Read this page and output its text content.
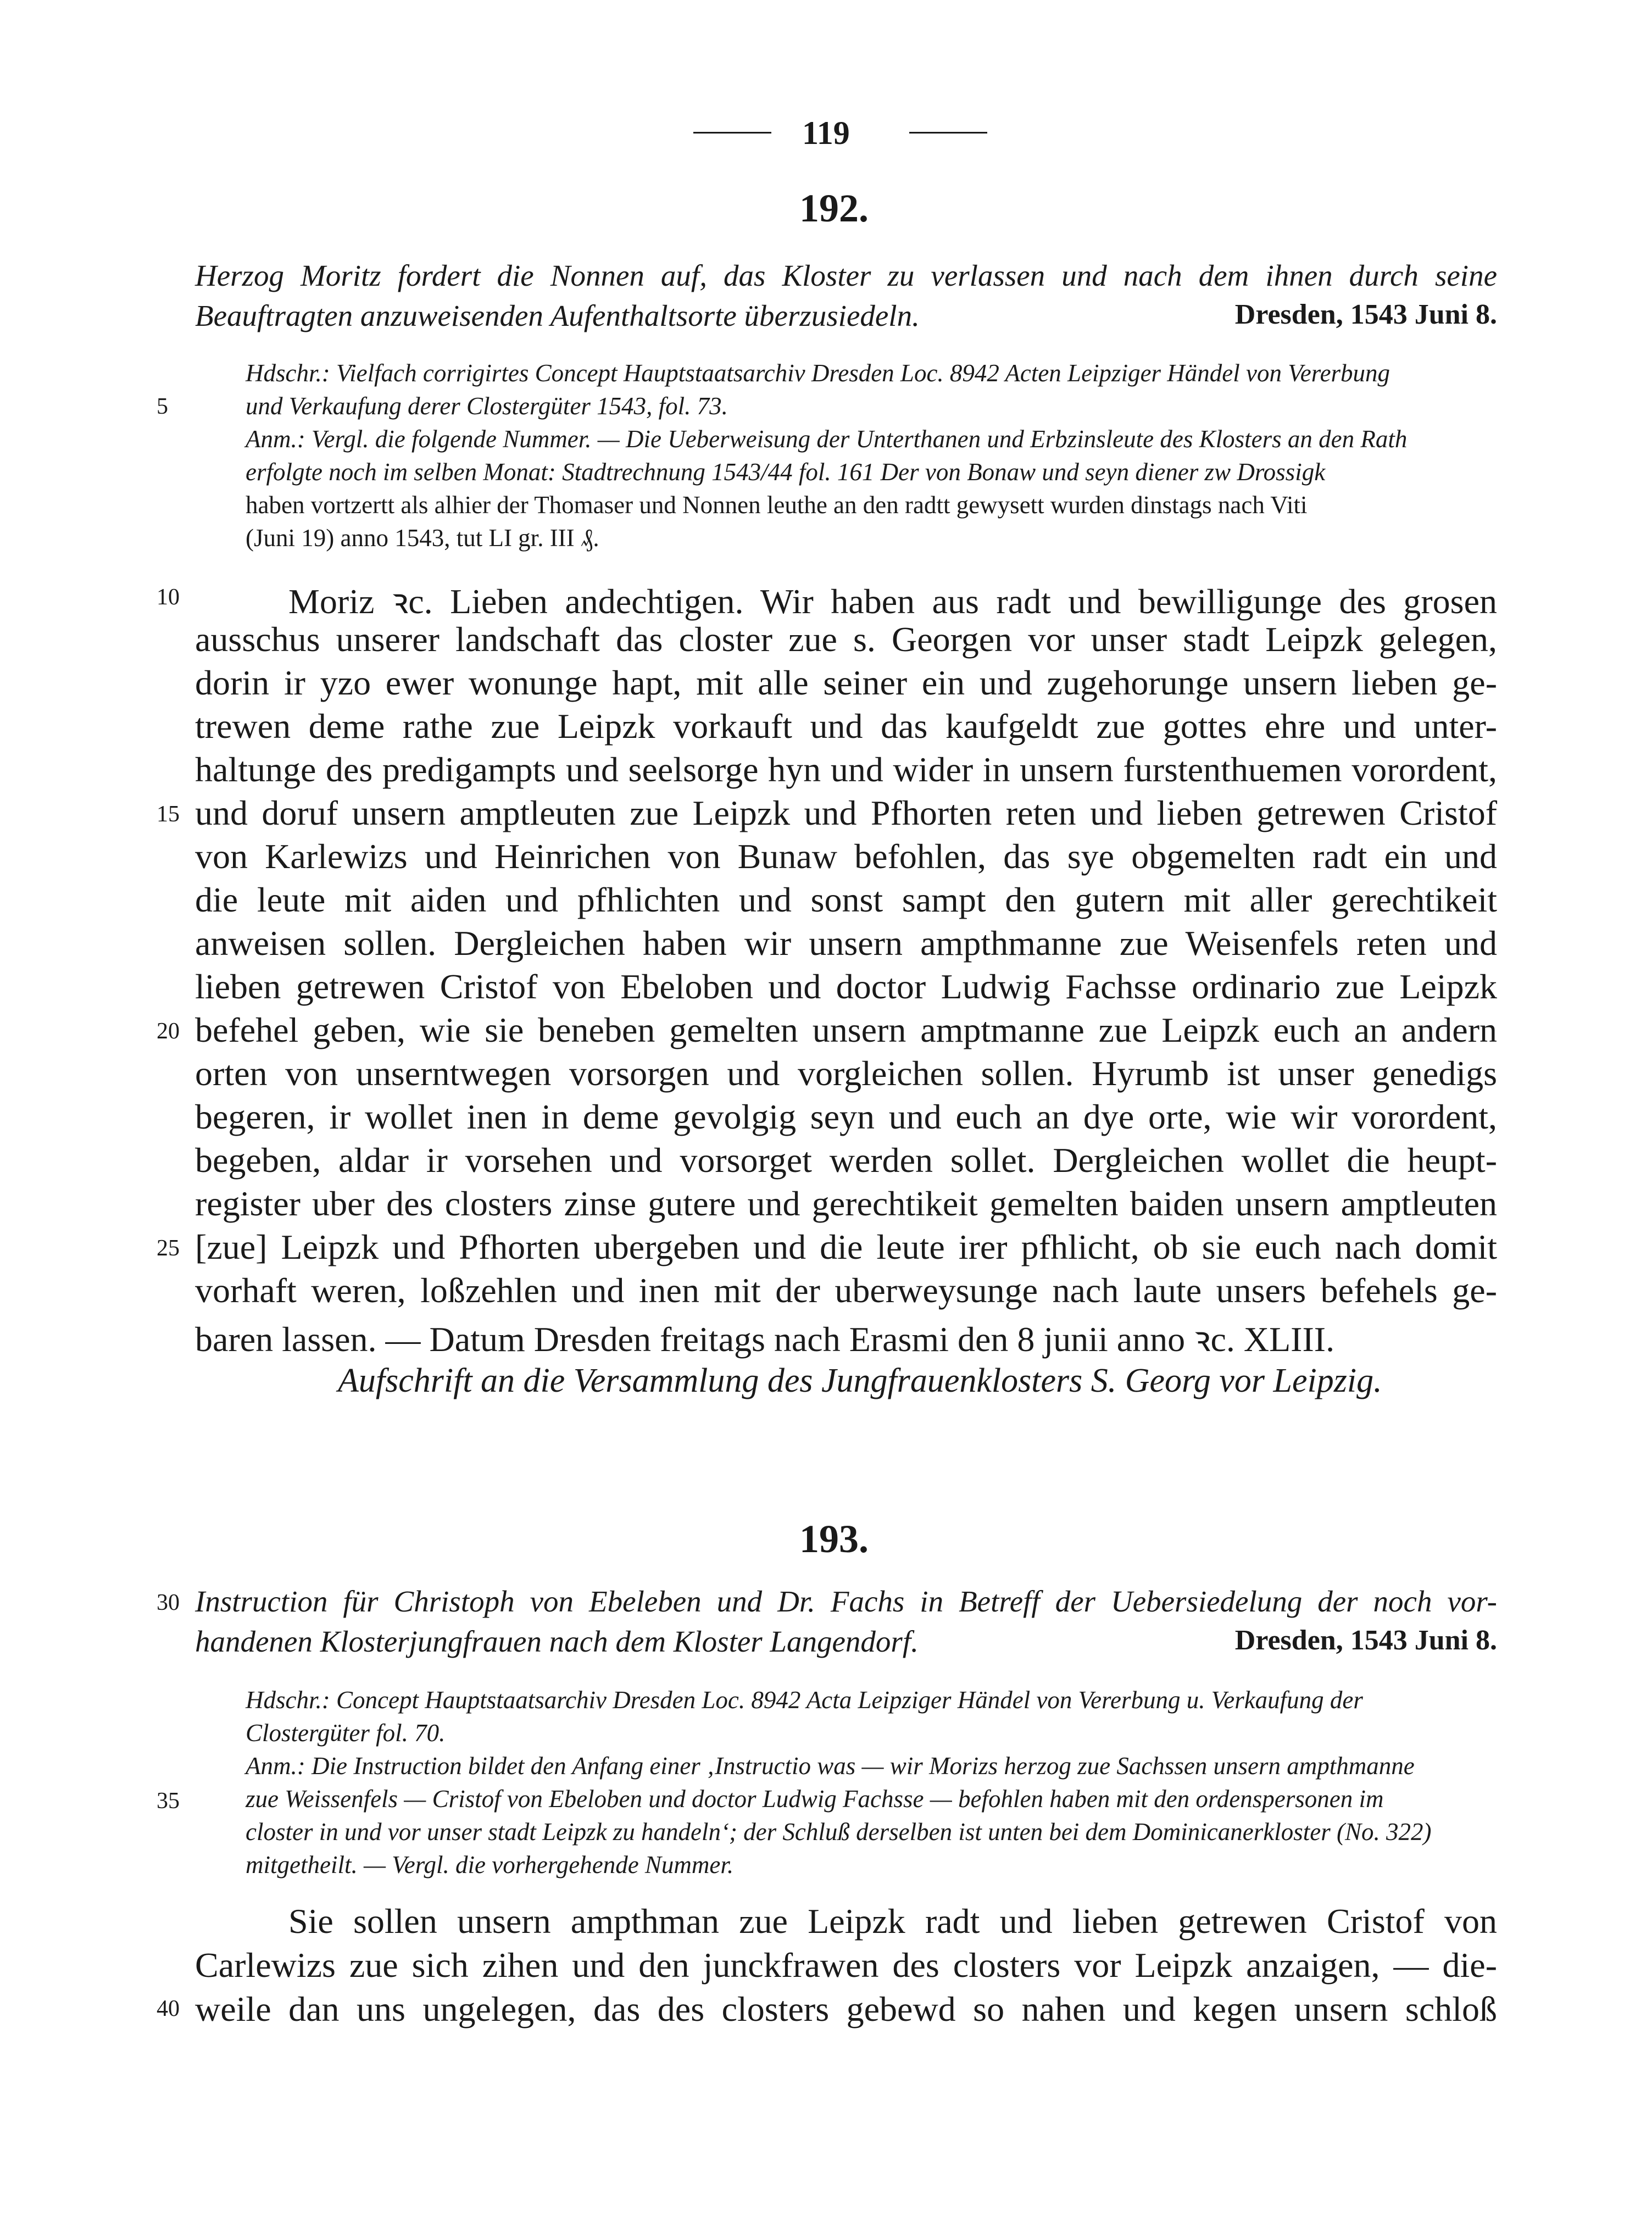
119
192.
Herzog Moritz fordert die Nonnen auf, das Kloster zu verlassen und nach dem ihnen durch seine
Beauftragten anzuweisenden Aufenthaltsorte überzusiedeln.	Dresden, 1543 Juni 8.
Hdschr.: Vielfach corrigirtes Concept Hauptstaatsarchiv Dresden Loc. 8942 Acten Leipziger Händel von Vererbung
und Verkaufung derer Clostergüter 1543, fol. 73.
Anm.: Vergl. die folgende Nummer. — Die Ueberweisung der Unterthanen und Erbzinsleute des Klosters an den Rath
erfolgte noch im selben Monat: Stadtrechnung 1543/44 fol. 161 Der von Bonaw und seyn diener zw Drossigk
haben vortzertt als alhier der Thomaser und Nonnen leuthe an den radtt gewysett wurden dinstags nach Viti
(Juni 19) anno 1543, tut LI gr. III ₰.
Moriz ꝛc. Lieben andechtigen. Wir haben aus radt und bewilligunge des grosen
ausschus unserer landschaft das closter zue s. Georgen vor unser stadt Leipzk gelegen,
dorin ir yzo ewer wonunge hapt, mit alle seiner ein und zugehorunge unsern lieben ge-
trewen deme rathe zue Leipzk vorkauft und das kaufgeldt zue gottes ehre und unter-
haltunge des predigampts und seelsorge hyn und wider in unsern furstenthuemen vorordent,
und doruf unsern amptleuten zue Leipzk und Pfhorten reten und lieben getrewen Cristof
von Karlewizs und Heinrichen von Bunaw befohlen, das sye obgemelten radt ein und
die leute mit aiden und pfhlichten und sonst sampt den gutern mit aller gerechtikeit
anweisen sollen. Dergleichen haben wir unsern ampthmanne zue Weisenfels reten und
lieben getrewen Cristof von Ebeloben und doctor Ludwig Fachsse ordinario zue Leipzk
befehel geben, wie sie beneben gemelten unsern amptmanne zue Leipzk euch an andern
orten von unserntwegen vorsorgen und vorgleichen sollen. Hyrumb ist unser genedigs
begeren, ir wollet inen in deme gevolgig seyn und euch an dye orte, wie wir vorordent,
begeben, aldar ir vorsehen und vorsorget werden sollet. Dergleichen wollet die heupt-
register uber des closters zinse gutere und gerechtikeit gemelten baiden unsern amptleuten
[zue] Leipzk und Pfhorten ubergeben und die leute irer pfhlicht, ob sie euch nach domit
vorhaft weren, loßzehlen und inen mit der uberweysunge nach laute unsers befehels ge-
baren lassen. — Datum Dresden freitags nach Erasmi den 8 junii anno ꝛc. XLIII.
Aufschrift an die Versammlung des Jungfrauenklosters S. Georg vor Leipzig.
193.
Instruction für Christoph von Ebeleben und Dr. Fachs in Betreff der Uebersiedelung der noch vor-
handenen Klosterjungfrauen nach dem Kloster Langendorf.	Dresden, 1543 Juni 8.
Hdschr.: Concept Hauptstaatsarchiv Dresden Loc. 8942 Acta Leipziger Händel von Vererbung u. Verkaufung der
Clostergüter fol. 70.
Anm.: Die Instruction bildet den Anfang einer ‚Instructio was — wir Morizs herzog zue Sachssen unsern ampthmanne
zue Weissenfels — Cristof von Ebeloben und doctor Ludwig Fachsse — befohlen haben mit den ordenspersonen im
closter in und vor unser stadt Leipzk zu handeln‘; der Schluß derselben ist unten bei dem Dominicanerkloster (No. 322)
mitgetheilt. — Vergl. die vorhergehende Nummer.
Sie sollen unsern ampthman zue Leipzk radt und lieben getrewen Cristof von
Carlewizs zue sich zihen und den junckfrawen des closters vor Leipzk anzaigen, — die-
weile dan uns ungelegen, das des closters gebewd so nahen und kegen unsern schloß
5
10
15
20
25
30
35
40
